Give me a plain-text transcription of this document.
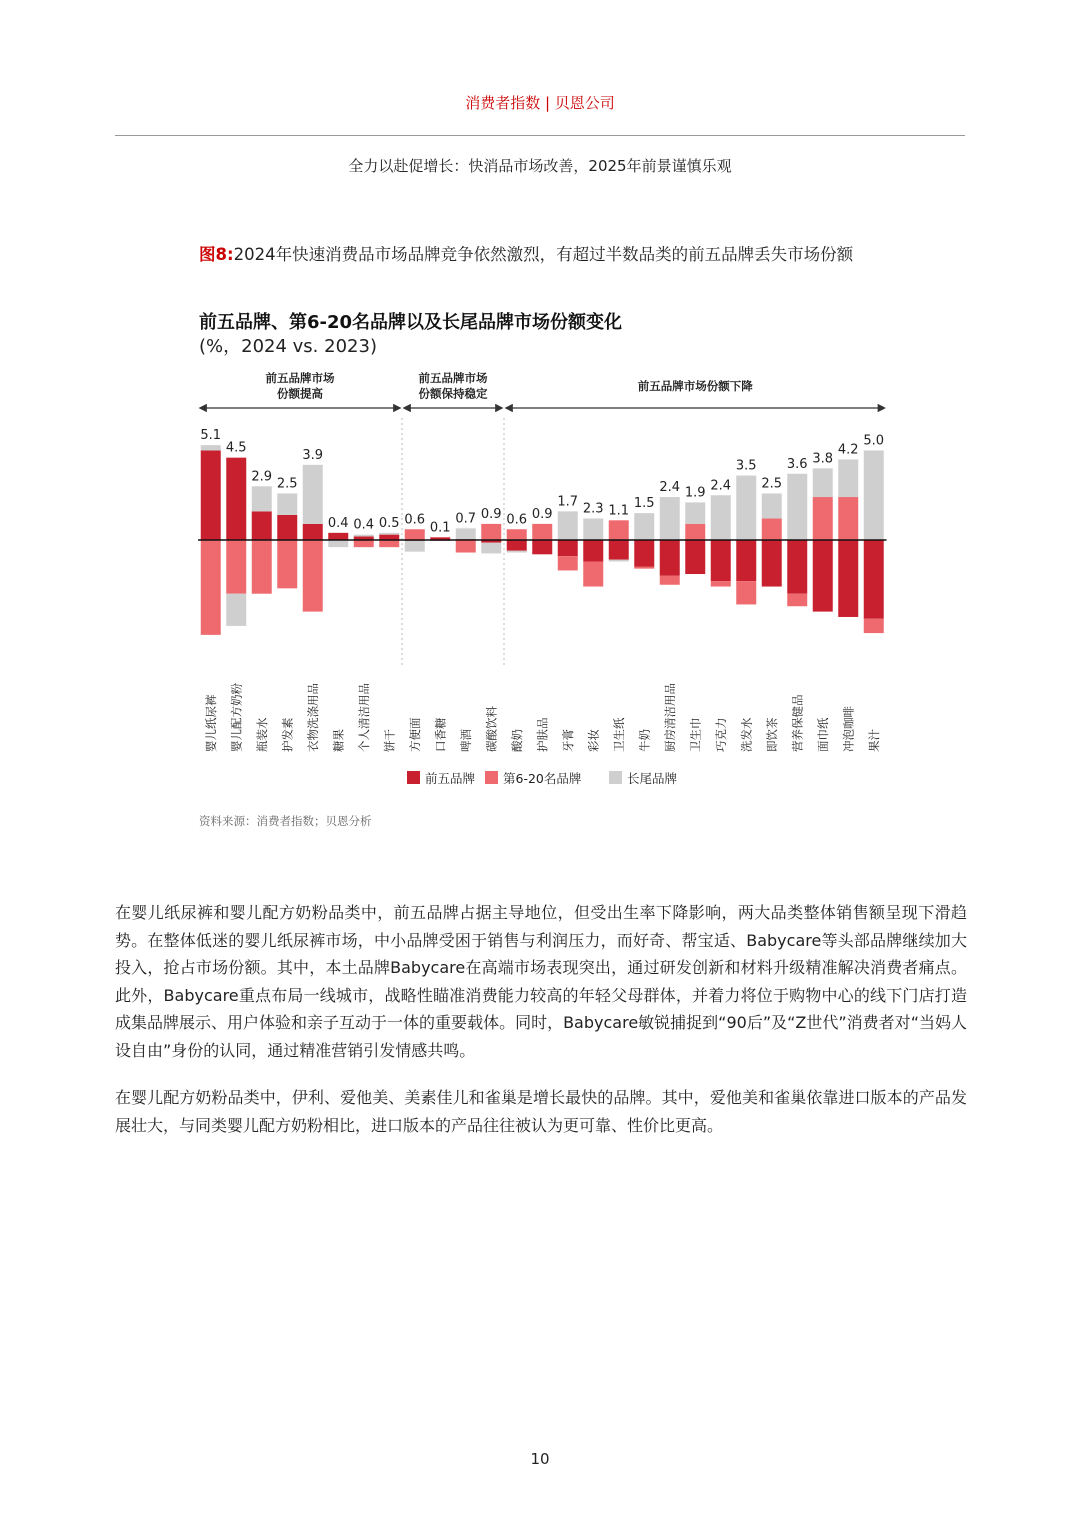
消费者指数 | 贝恩公司
全力以赴促增长：快消品市场改善，2025年前景谨慎乐观
图8:2024年快速消费品市场品牌竞争依然激烈，有超过半数品类的前五品牌丢失市场份额
前五品牌、第6-20名品牌以及长尾品牌市场份额变化
(%，2024 vs. 2023)
前五品牌市场
份额提高
前五品牌市场
份额保持稳定
前五品牌市场份额下降
5.1
婴儿纸尿裤
4.5
婴儿配方奶粉
2.9
瓶装水
2.5
护发素
3.9
衣物洗涤用品
0.4
糖果
0.4
个人清洁用品
0.5
饼干
0.6
方便面
0.1
口香糖
0.7
啤酒
0.9
碳酸饮料
0.6
酸奶
0.9
护肤品
1.7
牙膏
2.3
彩妆
1.1
卫生纸
1.5
牛奶
2.4
厨房清洁用品
1.9
卫生巾
2.4
巧克力
3.5
洗发水
2.5
即饮茶
3.6
营养保健品
3.8
面巾纸
4.2
冲泡咖啡
5.0
果汁
前五品牌 第6-20名品牌	长尾品牌
资料来源：消费者指数；贝恩分析
在婴儿纸尿裤和婴儿配方奶粉品类中，前五品牌占据主导地位，但受出生率下降影响，两大品类整体销售额呈现下滑趋势。在整体低迷的婴儿纸尿裤市场，中小品牌受困于销售与利润压力，而好奇、帮宝适、Babycare等头部品牌继续加大投入，抢占市场份额。其中，本土品牌Babycare在高端市场表现突出，通过研发创新和材料升级精准解决消费者痛点。此外，Babycare重点布局一线城市，战略性瞄准消费能力较高的年轻父母群体，并着力将位于购物中心的线下门店打造成集品牌展示、用户体验和亲子互动于一体的重要载体。同时，Babycare敏锐捕捉到“90后”及“Z世代”消费者对“当妈人设自由”身份的认同，通过精准营销引发情感共鸣。
在婴儿配方奶粉品类中，伊利、爱他美、美素佳儿和雀巢是增长最快的品牌。其中，爱他美和雀巢依靠进口版本的产品发展壮大，与同类婴儿配方奶粉相比，进口版本的产品往往被认为更可靠、性价比更高。
10
